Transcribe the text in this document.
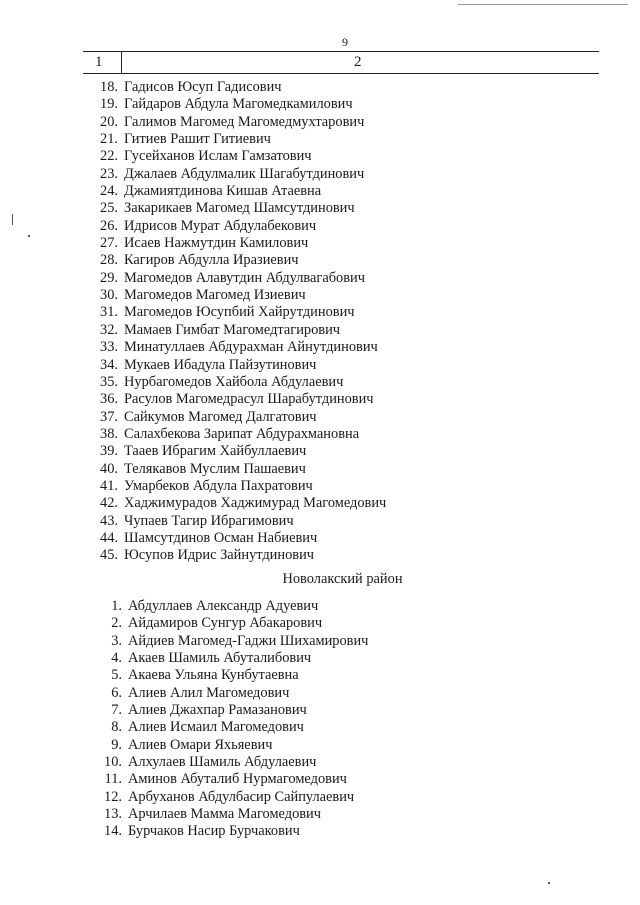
9
1	2
18. Гадисов Юсуп Гадисович
19. Гайдаров Абдула Магомедкамилович
20. Галимов Магомед Магомедмухтарович
21. Гитиев Рашит Гитиевич
22. Гусейханов Ислам Гамзатович
23. Джалаев Абдулмалик Шагабутдинович
24. Джамиятдинова Кишав Атаевна
25. Закарикаев Магомед Шамсутдинович
26. Идрисов Мурат Абдулабекович
27. Исаев Нажмутдин Камилович
28. Кагиров Абдулла Иразиевич
29. Магомедов Алавутдин Абдулвагабович
30. Магомедов Магомед Изиевич
31. Магомедов Юсупбий Хайрутдинович
32. Мамаев Гимбат Магомедтагирович
33. Минатуллаев Абдурахман Айнутдинович
34. Мукаев Ибадула Пайзутинович
35. Нурбагомедов Хайбола Абдулаевич
36. Расулов Магомедрасул Шарабутдинович
37. Сайкумов Магомед Далгатович
38. Салахбекова Зарипат Абдурахмановна
39. Тааев Ибрагим Хайбуллаевич
40. Телякавов Муслим Пашаевич
41. Умарбеков Абдула Пахратович
42. Хаджимурадов Хаджимурад Магомедович
43. Чупаев Тагир Ибрагимович
44. Шамсутдинов Осман Набиевич
45. Юсупов Идрис Зайнутдинович
Новолакский район
1. Абдуллаев Александр Адуевич
2. Айдамиров Сунгур Абакарович
3. Айдиев Магомед-Гаджи Шихамирович
4. Акаев Шамиль Абуталибович
5. Акаева Ульяна Кунбутаевна
6. Алиев Алил Магомедович
7. Алиев Джахпар Рамазанович
8. Алиев Исмаил Магомедович
9. Алиев Омари Яхьяевич
10. Алхулаев Шамиль Абдулаевич
11. Аминов Абуталиб Нурмагомедович
12. Арбуханов Абдулбасир Сайпулаевич
13. Арчилаев Мамма Магомедович
14. Бурчаков Насир Бурчакович
